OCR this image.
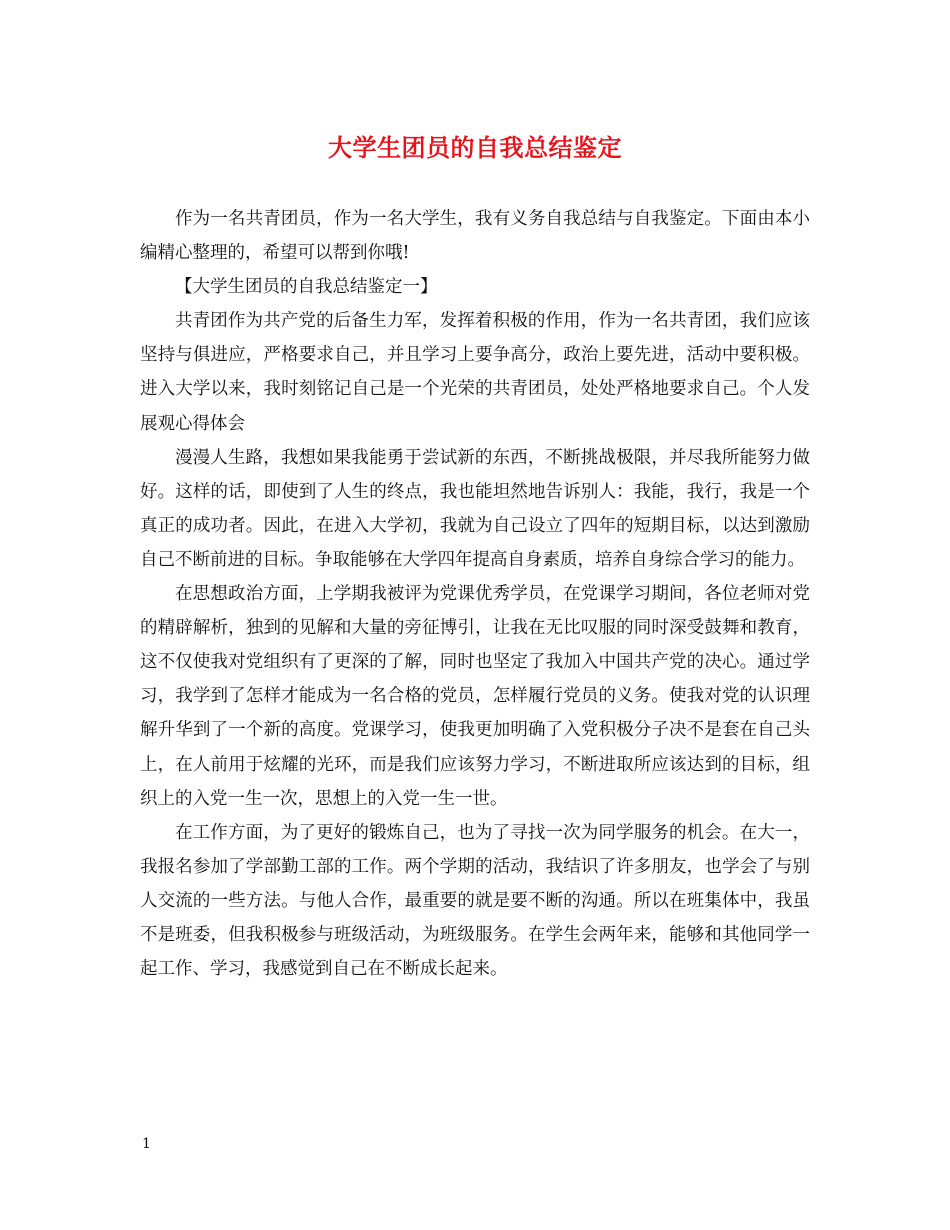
大学生团员的自我总结鉴定

作为一名共青团员，作为一名大学生，我有义务自我总结与自我鉴定。下面由本小编精心整理的，希望可以帮到你哦!

【大学生团员的自我总结鉴定一】

共青团作为共产党的后备生力军，发挥着积极的作用，作为一名共青团，我们应该坚持与俱进应，严格要求自己，并且学习上要争高分，政治上要先进，活动中要积极。进入大学以来，我时刻铭记自己是一个光荣的共青团员，处处严格地要求自己。个人发展观心得体会

漫漫人生路，我想如果我能勇于尝试新的东西，不断挑战极限，并尽我所能努力做好。这样的话，即使到了人生的终点，我也能坦然地告诉别人：我能，我行，我是一个真正的成功者。因此，在进入大学初，我就为自己设立了四年的短期目标，以达到激励自己不断前进的目标。争取能够在大学四年提高自身素质，培养自身综合学习的能力。

在思想政治方面，上学期我被评为党课优秀学员，在党课学习期间，各位老师对党的精辟解析，独到的见解和大量的旁征博引，让我在无比叹服的同时深受鼓舞和教育，这不仅使我对党组织有了更深的了解，同时也坚定了我加入中国共产党的决心。通过学习，我学到了怎样才能成为一名合格的党员，怎样履行党员的义务。使我对党的认识理解升华到了一个新的高度。党课学习，使我更加明确了入党积极分子决不是套在自己头上，在人前用于炫耀的光环，而是我们应该努力学习，不断进取所应该达到的目标，组织上的入党一生一次，思想上的入党一生一世。

在工作方面，为了更好的锻炼自己，也为了寻找一次为同学服务的机会。在大一，我报名参加了学部勤工部的工作。两个学期的活动，我结识了许多朋友，也学会了与别人交流的一些方法。与他人合作，最重要的就是要不断的沟通。所以在班集体中，我虽不是班委，但我积极参与班级活动，为班级服务。在学生会两年来，能够和其他同学一起工作、学习，我感觉到自己在不断成长起来。

1
